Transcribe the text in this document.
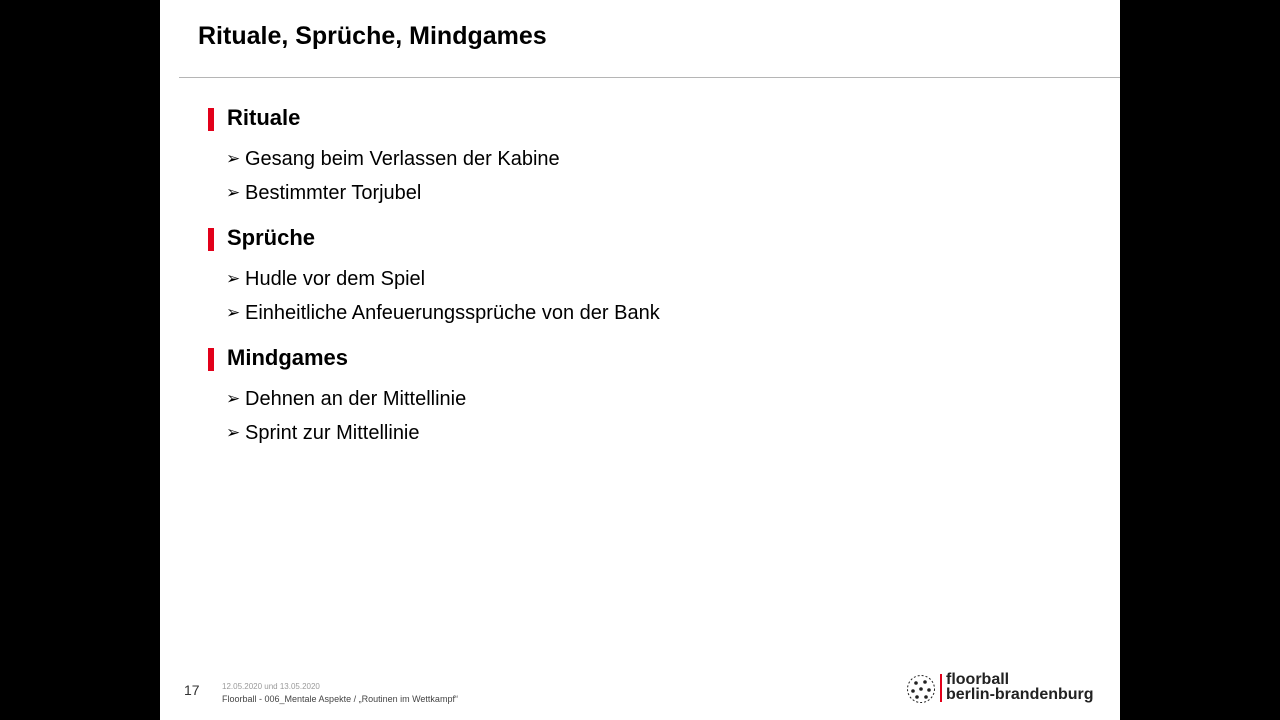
Rituale, Sprüche, Mindgames
Rituale
➢ Gesang beim Verlassen der Kabine
➢ Bestimmter Torjubel
Sprüche
➢ Hudle vor dem Spiel
➢ Einheitliche Anfeuerungssprüche von der Bank
Mindgames
➢ Dehnen an der Mittellinie
➢ Sprint zur Mittellinie
17	12.05.2020 und 13.05.2020
Floorball - 006_Mentale Aspekte / „Routinen im Wettkampf“
floorball
berlin-brandenburg
